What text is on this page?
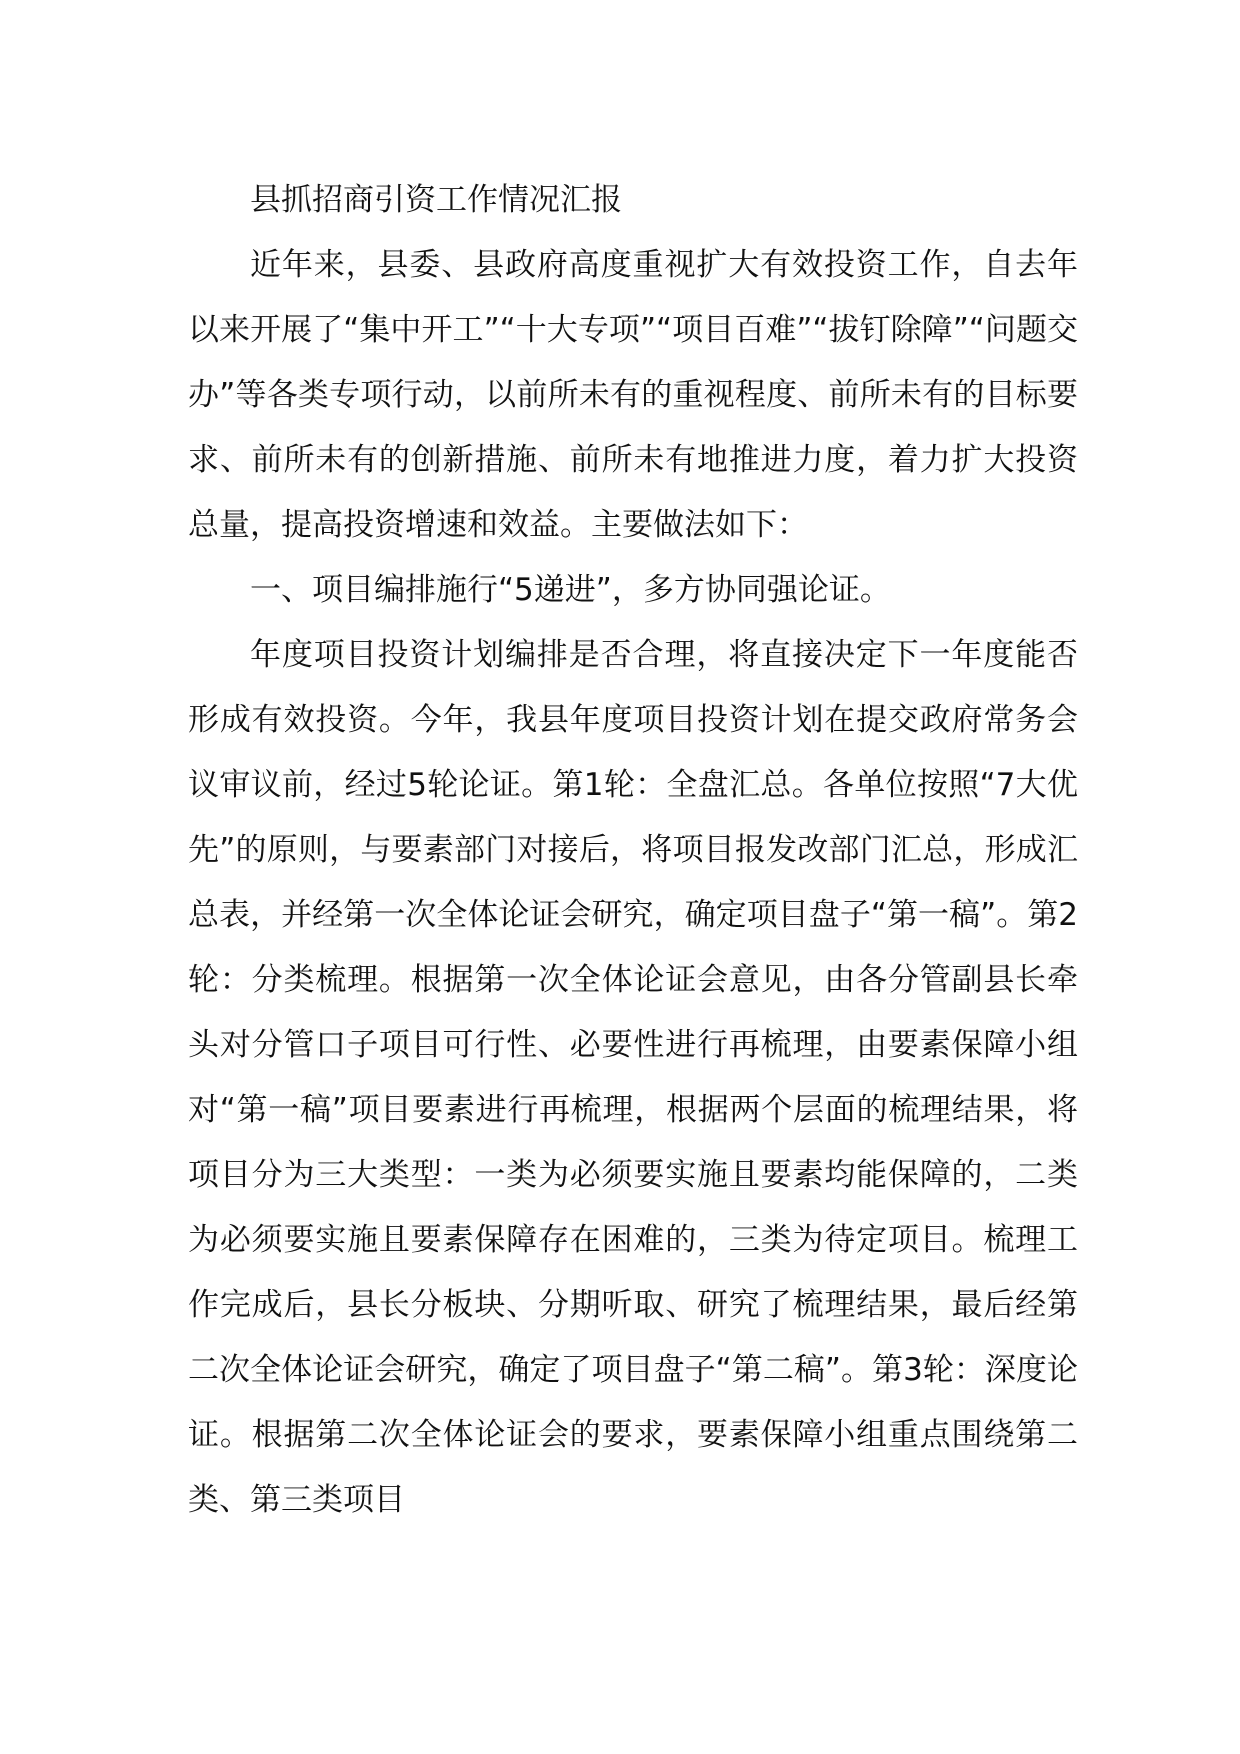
县抓招商引资工作情况汇报

近年来，县委、县政府高度重视扩大有效投资工作，自去年以来开展了“集中开工”“十大专项”“项目百难”“拔钉除障”“问题交办”等各类专项行动，以前所未有的重视程度、前所未有的目标要求、前所未有的创新措施、前所未有地推进力度，着力扩大投资总量，提高投资增速和效益。主要做法如下：

一、项目编排施行“5递进”，多方协同强论证。

年度项目投资计划编排是否合理，将直接决定下一年度能否形成有效投资。今年，我县年度项目投资计划在提交政府常务会议审议前，经过5轮论证。第1轮：全盘汇总。各单位按照“7大优先”的原则，与要素部门对接后，将项目报发改部门汇总，形成汇总表，并经第一次全体论证会研究，确定项目盘子“第一稿”。第2轮：分类梳理。根据第一次全体论证会意见，由各分管副县长牵头对分管口子项目可行性、必要性进行再梳理，由要素保障小组对“第一稿”项目要素进行再梳理，根据两个层面的梳理结果，将项目分为三大类型：一类为必须要实施且要素均能保障的，二类为必须要实施且要素保障存在困难的，三类为待定项目。梳理工作完成后，县长分板块、分期听取、研究了梳理结果，最后经第二次全体论证会研究，确定了项目盘子“第二稿”。第3轮：深度论证。根据第二次全体论证会的要求，要素保障小组重点围绕第二类、第三类项目
